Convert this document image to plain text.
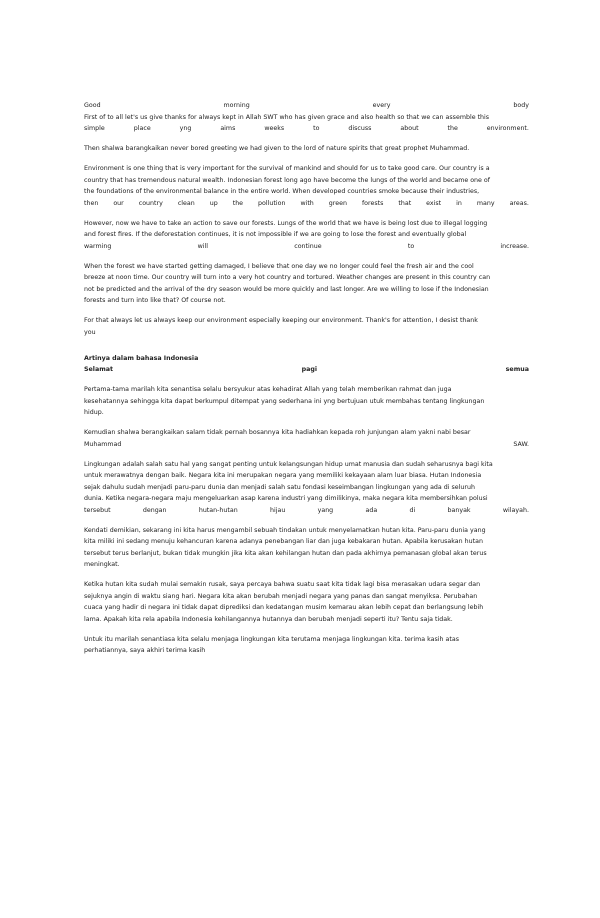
Good	morning	every	body
First of to all let's us give thanks for always kept in Allah SWT who has given grace and also health so that we can assemble this
simple	place	yng	aims	weeks	to	discuss	about	the	environment.
Then shalwa barangkaikan never bored greeting we had given to the lord of nature spirits that great prophet Muhammad.
Environment is one thing that is very important for the survival of mankind and should for us to take good care. Our country is a
country that has tremendous natural wealth. Indonesian forest long ago have become the lungs of the world and became one of
the foundations of the environmental balance in the entire world. When developed countries smoke because their industries,
then our country clean up the pollution with green forests that exist in many areas.
However, now we have to take an action to save our forests. Lungs of the world that we have is being lost due to illegal logging
and forest fires. If the deforestation continues, it is not impossible if we are going to lose the forest and eventually global
warming	will	continue	to	increase.
When the forest we have started getting damaged, I believe that one day we no longer could feel the fresh air and the cool
breeze at noon time. Our country will turn into a very hot country and tortured. Weather changes are present in this country can
not be predicted and the arrival of the dry season would be more quickly and last longer. Are we willing to lose if the Indonesian
forests and turn into like that? Of course not.
For that always let us always keep our environment especially keeping our environment. Thank's for attention, I desist thank
you
Artinya dalam bahasa Indonesia
Selamat	pagi	semua
Pertama-tama marilah kita senantisa selalu bersyukur atas kehadirat Allah yang telah memberikan rahmat dan juga
kesehatannya sehingga kita dapat berkumpul ditempat yang sederhana ini yng bertujuan utuk membahas tentang lingkungan
hidup.
Kemudian shalwa berangkaikan salam tidak pernah bosannya kita hadiahkan kepada roh junjungan alam yakni nabi besar
Muhammad	SAW.
Lingkungan adalah salah satu hal yang sangat penting untuk kelangsungan hidup umat manusia dan sudah seharusnya bagi kita
untuk merawatnya dengan baik. Negara kita ini merupakan negara yang memiliki kekayaan alam luar biasa. Hutan Indonesia
sejak dahulu sudah menjadi paru-paru dunia dan menjadi salah satu fondasi keseimbangan lingkungan yang ada di seluruh
dunia. Ketika negara-negara maju mengeluarkan asap karena industri yang dimilikinya, maka negara kita membersihkan polusi
tersebut	dengan	hutan-hutan	hijau	yang	ada	di	banyak	wilayah.
Kendati demikian, sekarang ini kita harus mengambil sebuah tindakan untuk menyelamatkan hutan kita. Paru-paru dunia yang
kita miliki ini sedang menuju kehancuran karena adanya penebangan liar dan juga kebakaran hutan. Apabila kerusakan hutan
tersebut terus berlanjut, bukan tidak mungkin jika kita akan kehilangan hutan dan pada akhirnya pemanasan global akan terus
meningkat.
Ketika hutan kita sudah mulai semakin rusak, saya percaya bahwa suatu saat kita tidak lagi bisa merasakan udara segar dan
sejuknya angin di waktu siang hari. Negara kita akan berubah menjadi negara yang panas dan sangat menyiksa. Perubahan
cuaca yang hadir di negara ini tidak dapat diprediksi dan kedatangan musim kemarau akan lebih cepat dan berlangsung lebih
lama. Apakah kita rela apabila Indonesia kehilangannya hutannya dan berubah menjadi seperti itu? Tentu saja tidak.
Untuk itu marilah senantiasa kita selalu menjaga lingkungan kita terutama menjaga lingkungan kita. terima kasih atas
perhatiannya, saya akhiri terima kasih
